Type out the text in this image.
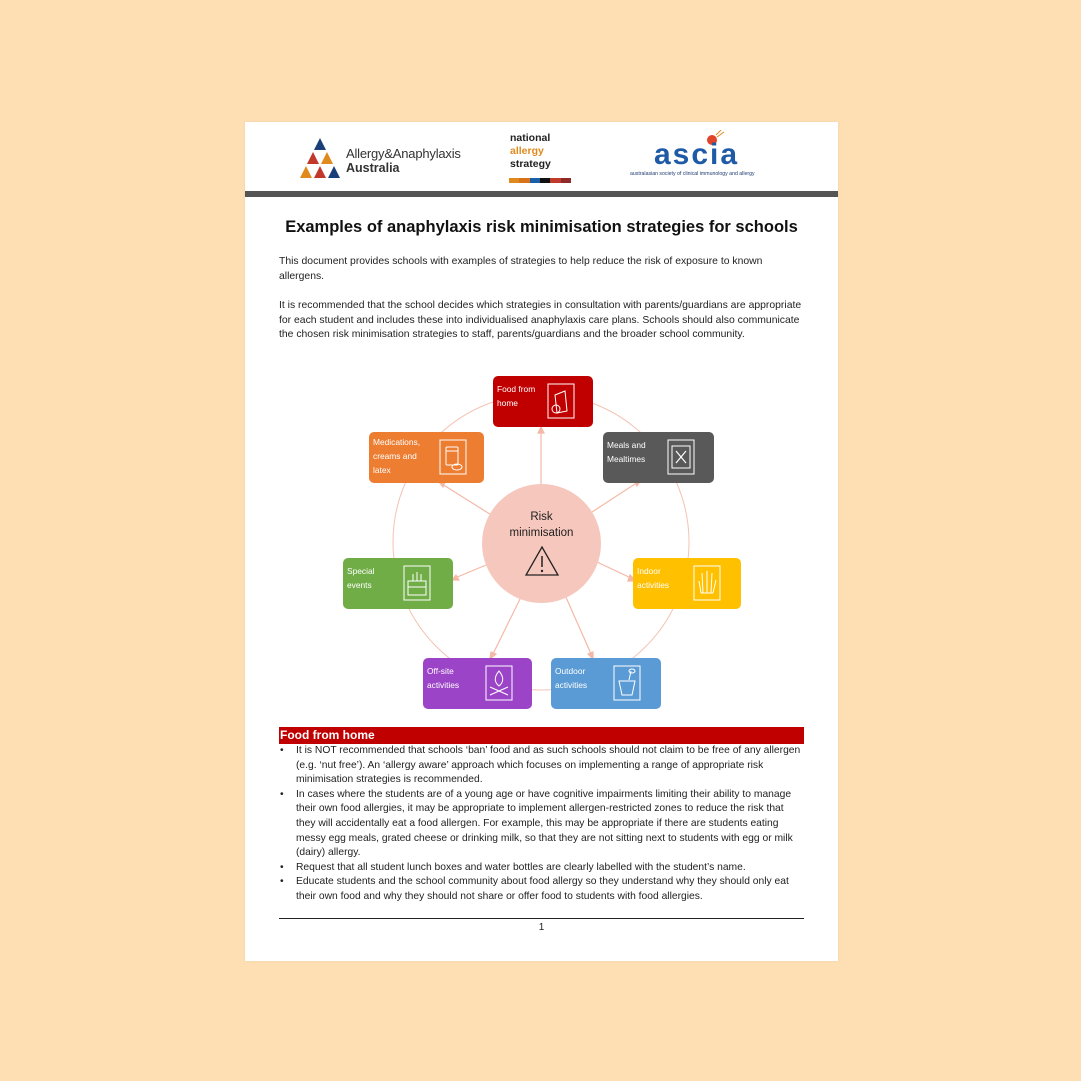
Allergy&Anaphylaxis
Australia
national
allergy
strategy	ascia
australasian society of clinical immunology and allergy
Examples of anaphylaxis risk minimisation strategies for schools
This document provides schools with examples of strategies to help reduce the risk of exposure to known allergens.
It is recommended that the school decides which strategies in consultation with parents/guardians are appropriate for each student and includes these into individualised anaphylaxis care plans. Schools should also communicate the chosen risk minimisation strategies to staff, parents/guardians and the broader school community.
Risk
minimisation
Food from
home
Meals and
Mealtimes
Indoor
activities
Outdoor
activities
Off-site
activities
Special
events
Medications,
creams and
latex
Food from home
• It is NOT recommended that schools ‘ban’ food and as such schools should not claim to be free of any allergen (e.g. ‘nut free’). An ‘allergy aware’ approach which focuses on implementing a range of appropriate risk minimisation strategies is recommended.
• In cases where the students are of a young age or have cognitive impairments limiting their ability to manage their own food allergies, it may be appropriate to implement allergen-restricted zones to reduce the risk that they will accidentally eat a food allergen. For example, this may be appropriate if there are students eating messy egg meals, grated cheese or drinking milk, so that they are not sitting next to students with egg or milk (dairy) allergy.
• Request that all student lunch boxes and water bottles are clearly labelled with the student’s name.
• Educate students and the school community about food allergy so they understand why they should only eat their own food and why they should not share or offer food to students with food allergies.
1
